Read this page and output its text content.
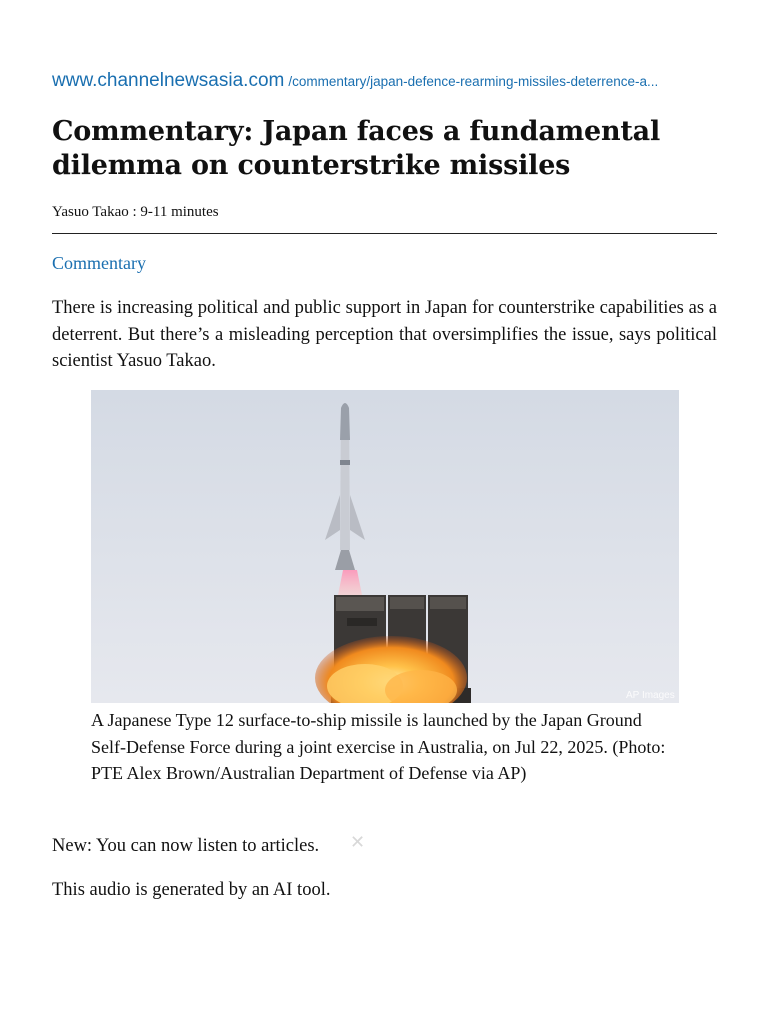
www.channelnewsasia.com /commentary/japan-defence-rearming-missiles-deterrence-a...
Commentary: Japan faces a fundamental dilemma on counterstrike missiles
Yasuo Takao : 9-11 minutes
Commentary

There is increasing political and public support in Japan for counterstrike capabilities as a deterrent. But there’s a misleading perception that oversimplifies the issue, says political scientist Yasuo Takao.

AP Images
A Japanese Type 12 surface-to-ship missile is launched by the Japan Ground Self-Defense Force during a joint exercise in Australia, on Jul 22, 2025. (Photo: PTE Alex Brown/Australian Department of Defense via AP)

New: You can now listen to articles. ✕

This audio is generated by an AI tool.
